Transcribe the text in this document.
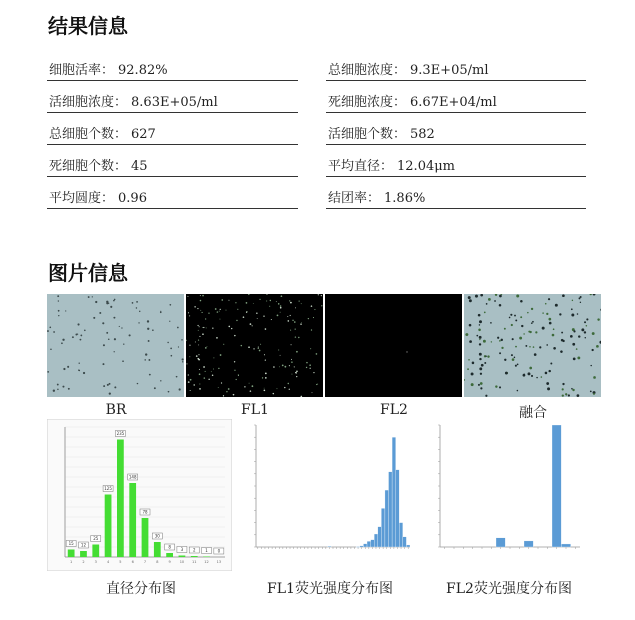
结果信息
细胞活率： 92.82%	总细胞浓度： 9.3E+05/ml
活细胞浓度： 8.63E+05/ml	死细胞浓度： 6.67E+04/ml
总细胞个数： 627	活细胞个数： 582
死细胞个数： 45	平均直径： 12.04μm
平均圆度： 0.96	结团率： 1.86%
图片信息
BR	FL1	FL2	融合
15
1
12
2
25
3
125
4
235
5
148
6
78
7
30
8
8
9
3
10
2
11
1
12
0
13
直径分布图	FL1荧光强度分布图	FL2荧光强度分布图
